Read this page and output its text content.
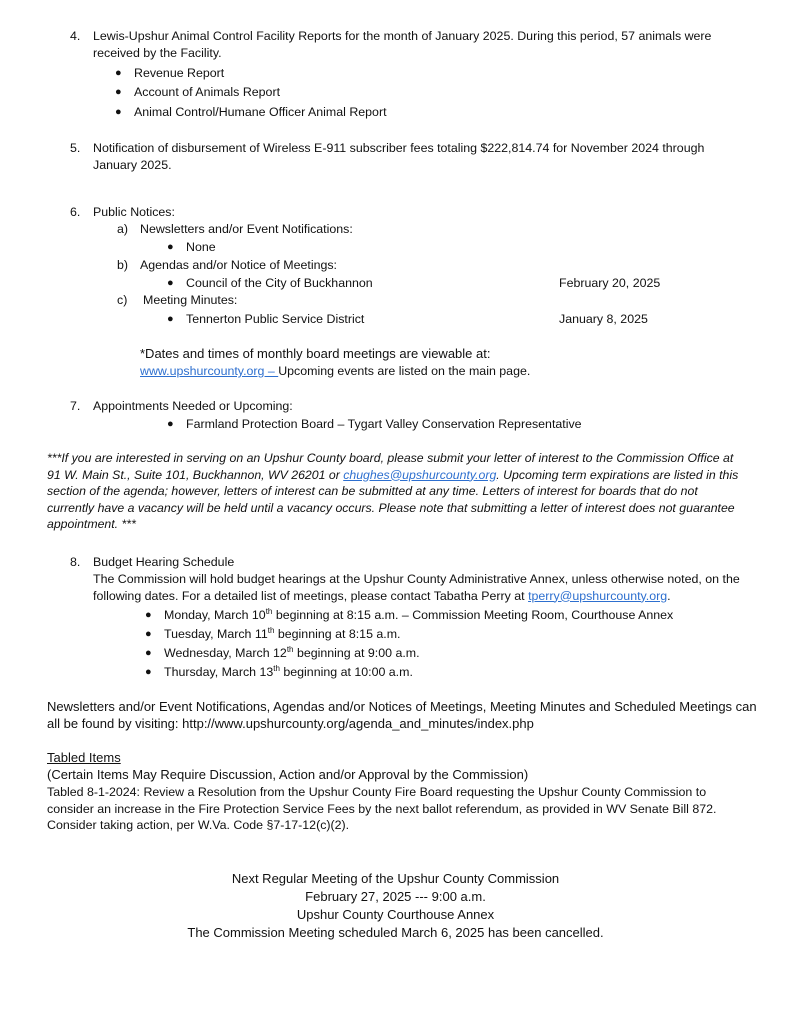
4. Lewis-Upshur Animal Control Facility Reports for the month of January 2025. During this period, 57 animals were received by the Facility.
● Revenue Report
● Account of Animals Report
● Animal Control/Humane Officer Animal Report
5. Notification of disbursement of Wireless E-911 subscriber fees totaling $222,814.74 for November 2024 through January 2025.
6. Public Notices:
a) Newsletters and/or Event Notifications:
● None
b) Agendas and/or Notice of Meetings:
● Council of the City of Buckhannon	February 20, 2025
c) Meeting Minutes:
● Tennerton Public Service District	January 8, 2025
*Dates and times of monthly board meetings are viewable at:
www.upshurcounty.org – Upcoming events are listed on the main page.
7. Appointments Needed or Upcoming:
● Farmland Protection Board – Tygart Valley Conservation Representative
***If you are interested in serving on an Upshur County board, please submit your letter of interest to the Commission Office at 91 W. Main St., Suite 101, Buckhannon, WV 26201 or chughes@upshurcounty.org. Upcoming term expirations are listed in this section of the agenda; however, letters of interest can be submitted at any time. Letters of interest for boards that do not currently have a vacancy will be held until a vacancy occurs. Please note that submitting a letter of interest does not guarantee appointment. ***
8. Budget Hearing Schedule
The Commission will hold budget hearings at the Upshur County Administrative Annex, unless otherwise noted, on the following dates. For a detailed list of meetings, please contact Tabatha Perry at tperry@upshurcounty.org.
● Monday, March 10th beginning at 8:15 a.m. – Commission Meeting Room, Courthouse Annex
● Tuesday, March 11th beginning at 8:15 a.m.
● Wednesday, March 12th beginning at 9:00 a.m.
● Thursday, March 13th beginning at 10:00 a.m.
Newsletters and/or Event Notifications, Agendas and/or Notices of Meetings, Meeting Minutes and Scheduled Meetings can all be found by visiting: http://www.upshurcounty.org/agenda_and_minutes/index.php
Tabled Items
(Certain Items May Require Discussion, Action and/or Approval by the Commission)
Tabled 8-1-2024: Review a Resolution from the Upshur County Fire Board requesting the Upshur County Commission to consider an increase in the Fire Protection Service Fees by the next ballot referendum, as provided in WV Senate Bill 872. Consider taking action, per W.Va. Code §7-17-12(c)(2).
Next Regular Meeting of the Upshur County Commission
February 27, 2025 --- 9:00 a.m.
Upshur County Courthouse Annex
The Commission Meeting scheduled March 6, 2025 has been cancelled.
